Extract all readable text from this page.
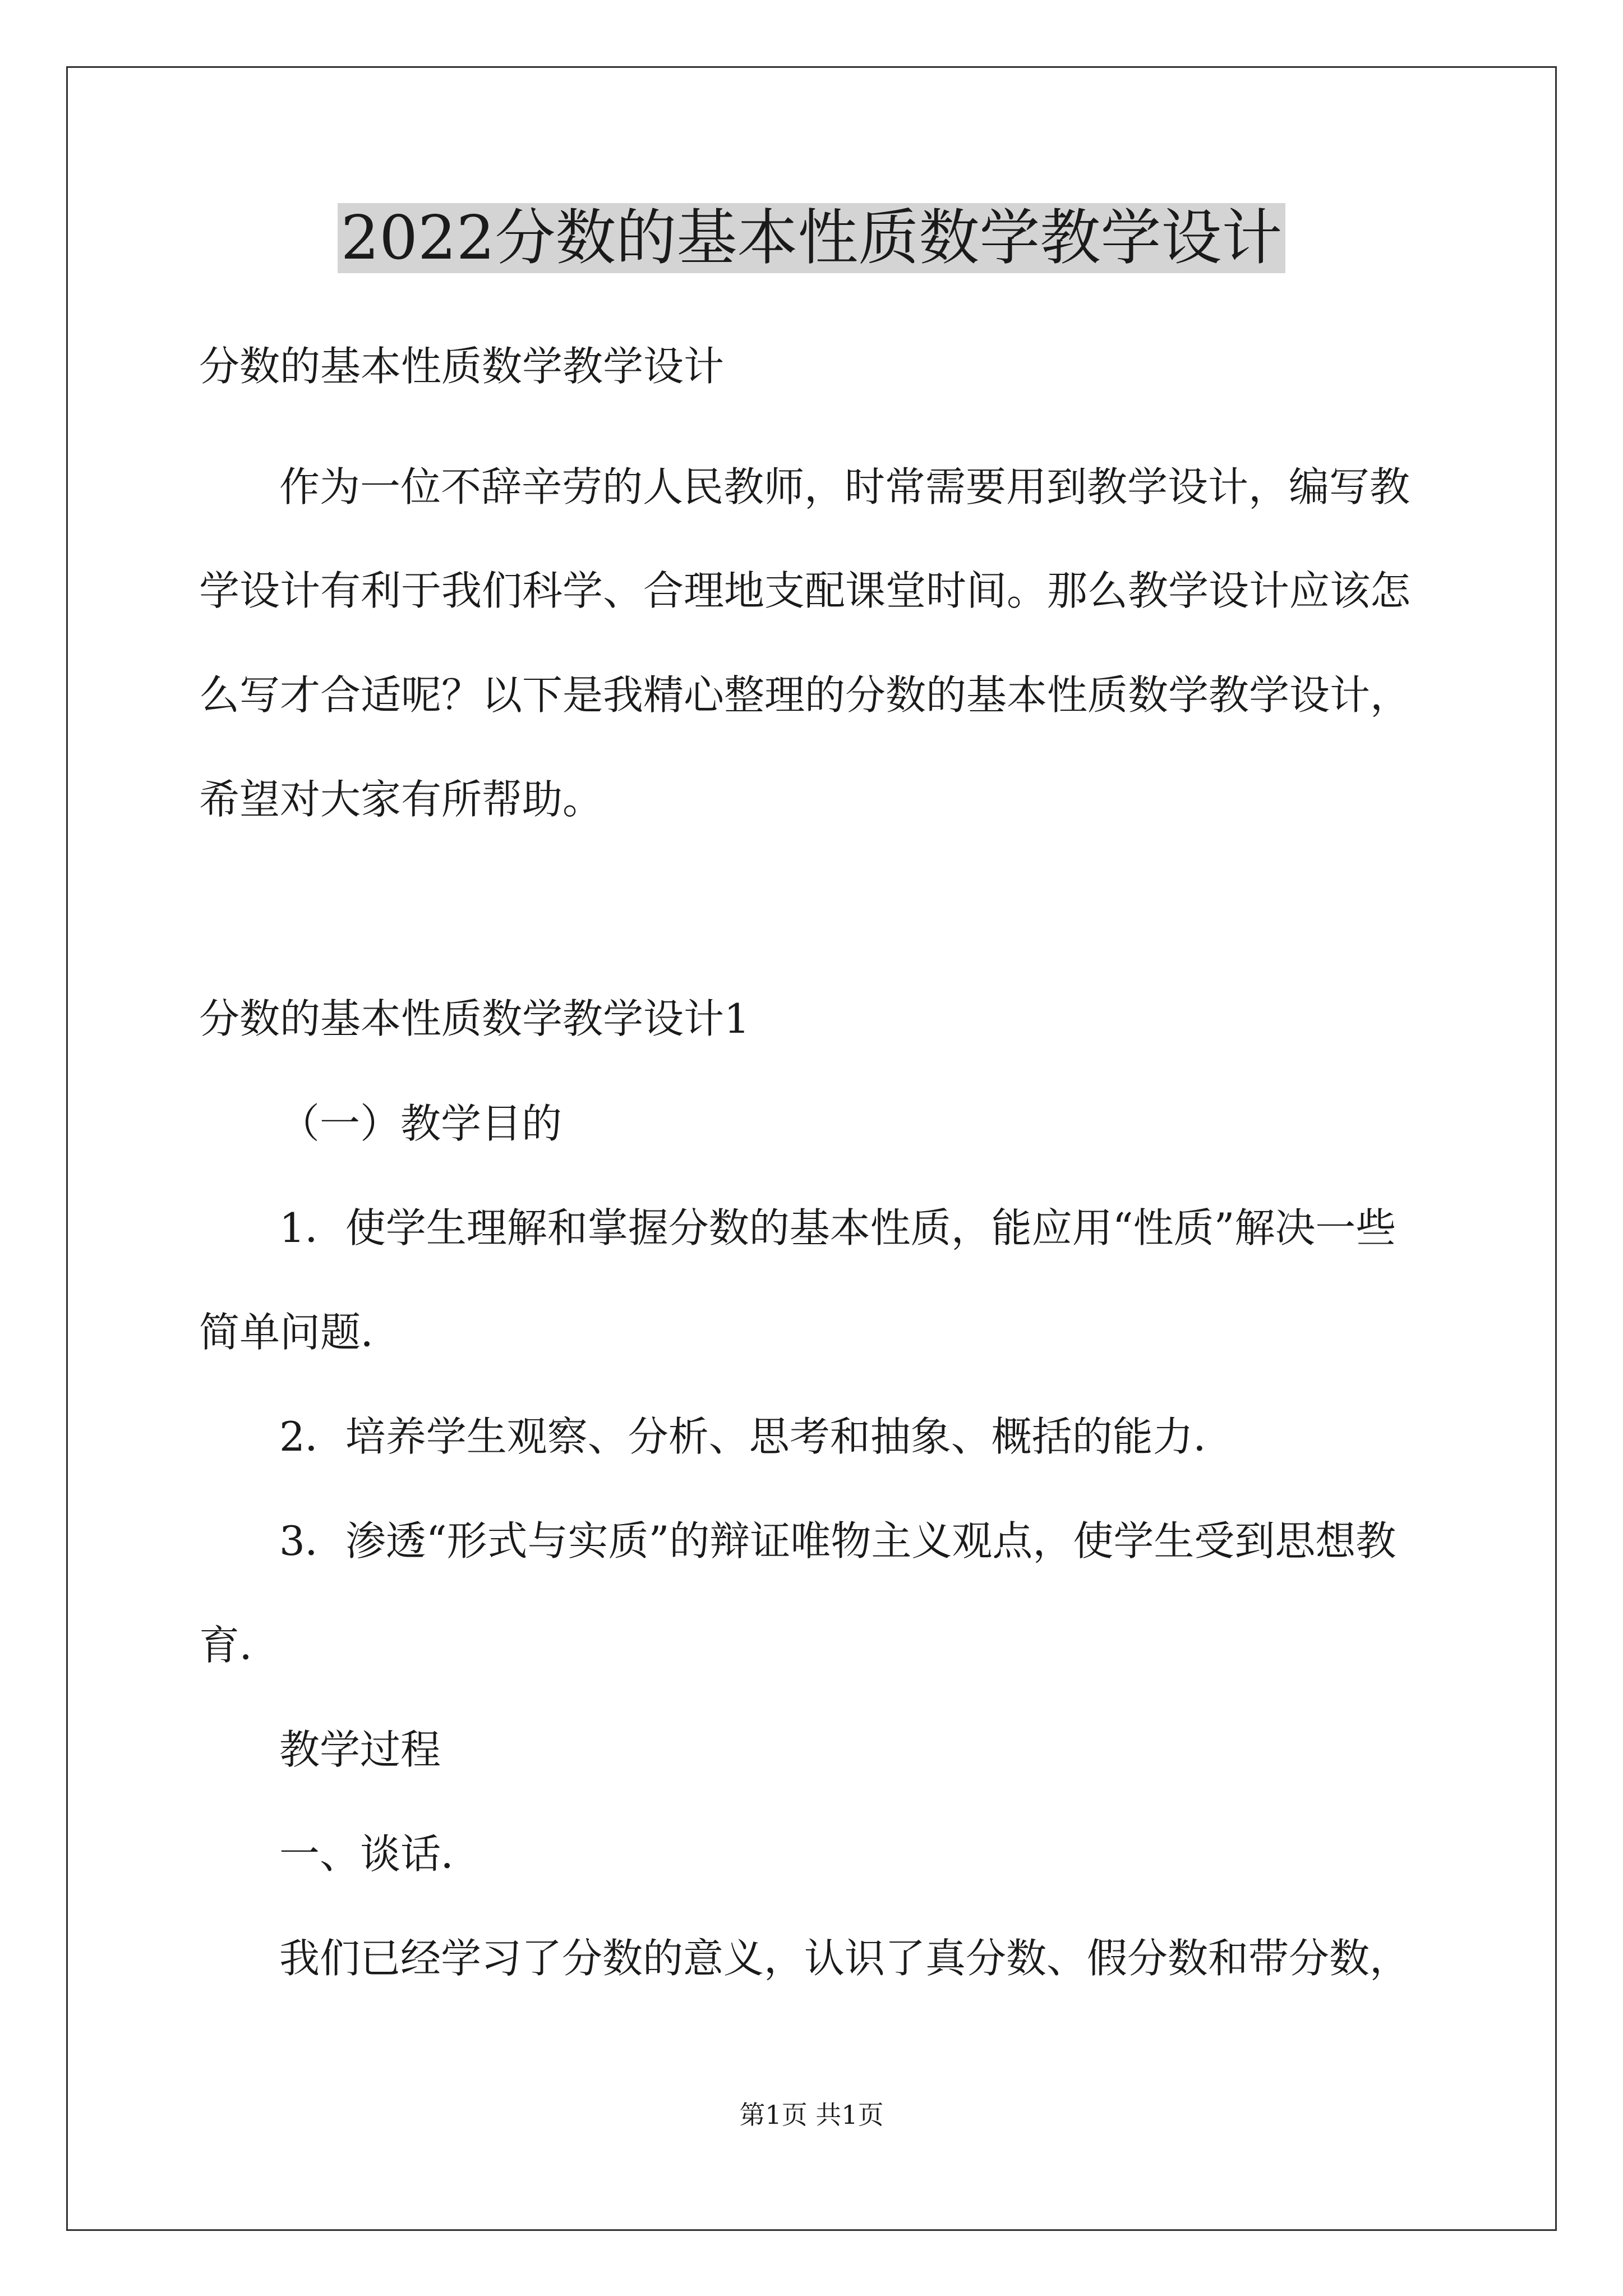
2022分数的基本性质数学教学设计

分数的基本性质数学教学设计

作为一位不辞辛劳的人民教师，时常需要用到教学设计，编写教

学设计有利于我们科学、合理地支配课堂时间。那么教学设计应该怎

么写才合适呢？以下是我精心整理的分数的基本性质数学教学设计，

希望对大家有所帮助。

分数的基本性质数学教学设计1

（一）教学目的

1．使学生理解和掌握分数的基本性质，能应用“性质”解决一些

简单问题．

2．培养学生观察、分析、思考和抽象、概括的能力．

3．渗透“形式与实质”的辩证唯物主义观点，使学生受到思想教

育．

教学过程

一、谈话．

我们已经学习了分数的意义，认识了真分数、假分数和带分数，

第1页 共1页
